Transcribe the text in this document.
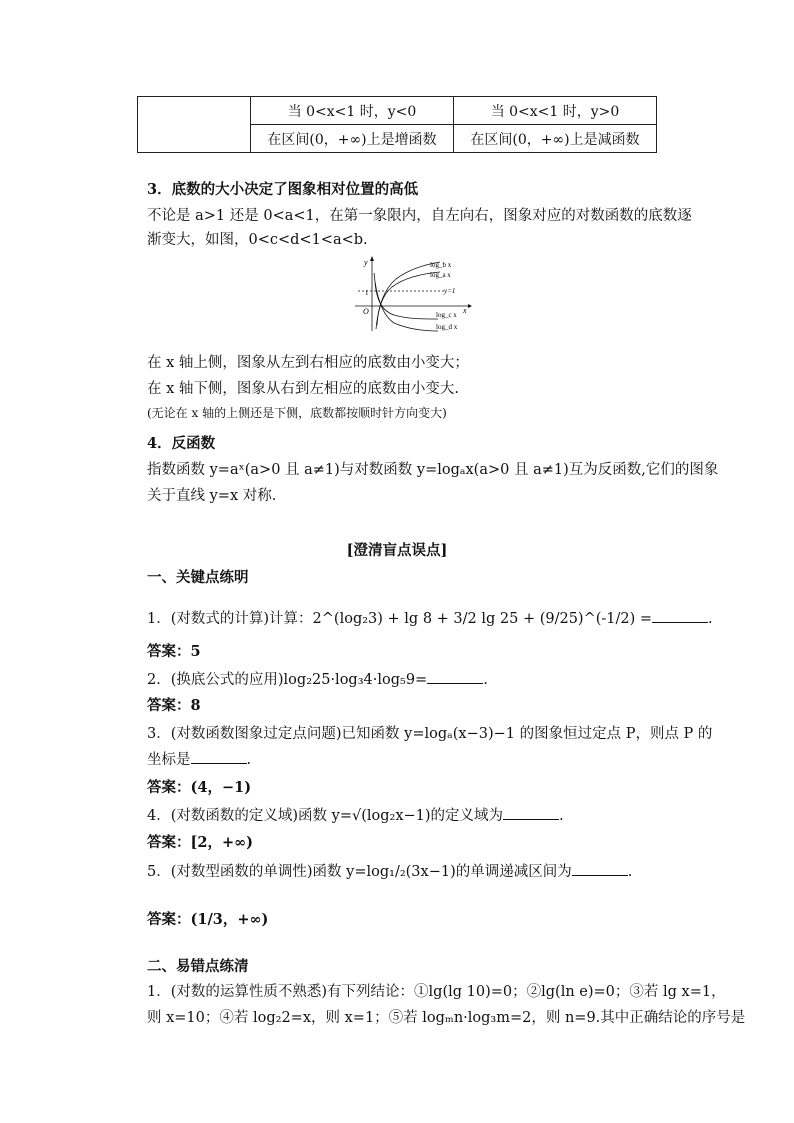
	当 0<x<1 时，y<0	当 0<x<1 时，y>0
	在区间(0，+∞)上是增函数	在区间(0，+∞)上是减函数
3．底数的大小决定了图象相对位置的高低
不论是 a>1 还是 0<a<1，在第一象限内，自左向右，图象对应的对数函数的底数逐
渐变大，如图，0<c<d<1<a<b.
y
x
O
1	y=1
log_b x
log_a x
log_c x
log_d x
在 x 轴上侧，图象从左到右相应的底数由小变大；
在 x 轴下侧，图象从右到左相应的底数由小变大.
(无论在 x 轴的上侧还是下侧，底数都按顺时针方向变大)
4．反函数
指数函数 y=aˣ(a>0 且 a≠1)与对数函数 y=logₐx(a>0 且 a≠1)互为反函数,它们的图象
关于直线 y=x 对称.
[澄清盲点误点]
一、关键点练明
1．(对数式的计算)计算：2^(log₂3) + lg 8 + 3/2 lg 25 + (9/25)^(-1/2) =	.
答案：5
2．(换底公式的应用)log₂25·log₃4·log₅9=	.
答案：8
3．(对数函数图象过定点问题)已知函数 y=logₐ(x−3)−1 的图象恒过定点 P，则点 P 的
坐标是	.
答案：(4，−1)
4．(对数函数的定义域)函数 y=√(log₂x−1)的定义域为	.
答案：[2，+∞)
5．(对数型函数的单调性)函数 y=log₁/₂(3x−1)的单调递减区间为	.
答案：(1/3，+∞)
二、易错点练清
1．(对数的运算性质不熟悉)有下列结论：①lg(lg 10)=0；②lg(ln e)=0；③若 lg x=1，
则 x=10；④若 log₂2=x，则 x=1；⑤若 logₘn·log₃m=2，则 n=9.其中正确结论的序号是
